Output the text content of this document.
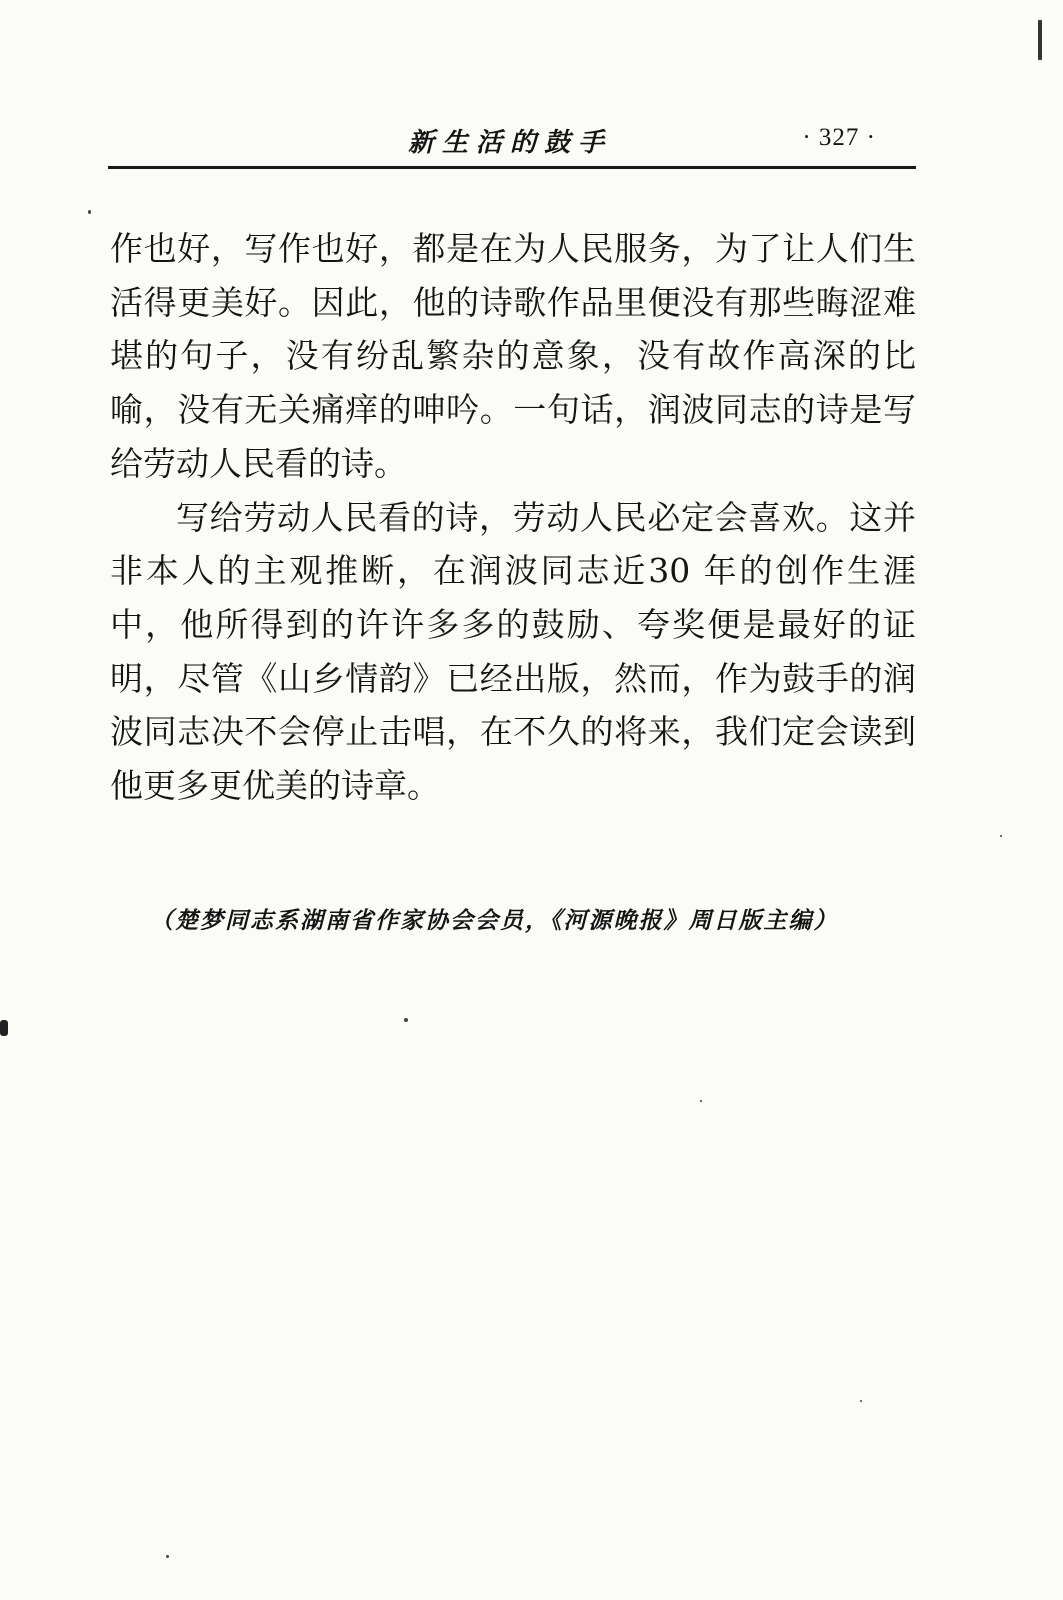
新生活的鼓手	· 327 ·

作也好，写作也好，都是在为人民服务，为了让人们生活得更美好。因此，他的诗歌作品里便没有那些晦涩难堪的句子，没有纷乱繁杂的意象，没有故作高深的比喻，没有无关痛痒的呻吟。一句话，润波同志的诗是写给劳动人民看的诗。

写给劳动人民看的诗，劳动人民必定会喜欢。这并非本人的主观推断，在润波同志近30 年的创作生涯中，他所得到的许许多多的鼓励、夸奖便是最好的证明，尽管《山乡情韵》已经出版，然而，作为鼓手的润波同志决不会停止击唱，在不久的将来，我们定会读到他更多更优美的诗章。

（楚梦同志系湖南省作家协会会员，《河源晚报》周日版主编）
